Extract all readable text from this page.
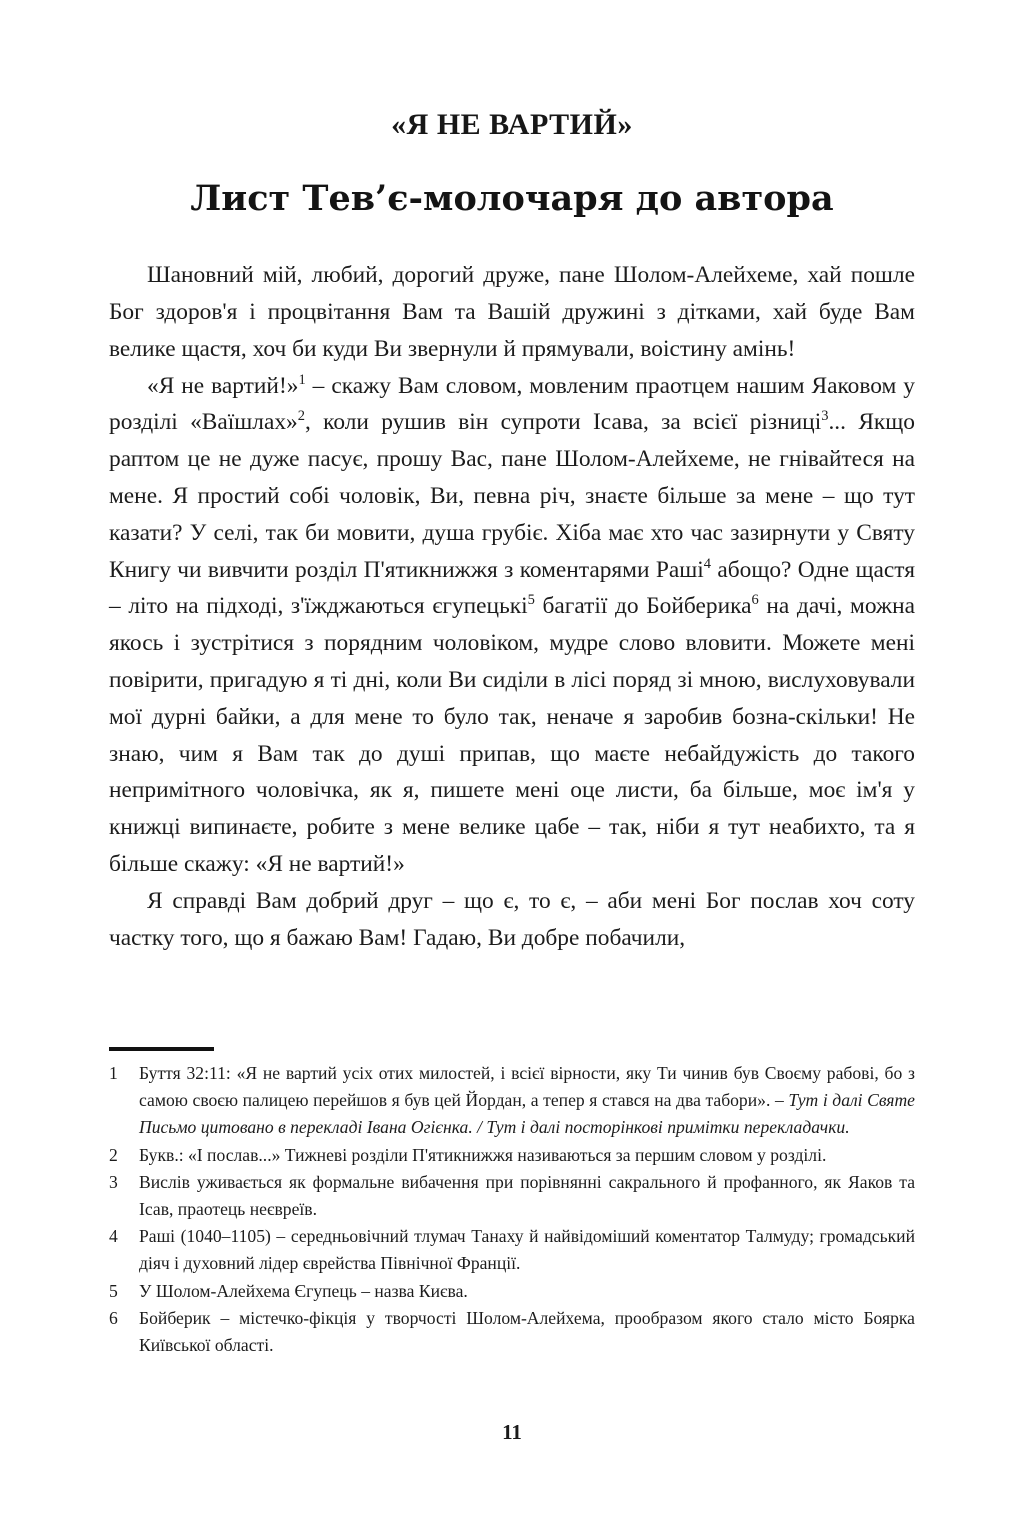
«Я НЕ ВАРТИЙ»
Лист Тев’є-молочаря до автора

Шановний мій, любий, дорогий друже, пане Шолом-Алейхеме, хай пошле Бог здоров'я і процвітання Вам та Вашій дружині з дітками, хай буде Вам велике щастя, хоч би куди Ви звернули й прямували, воістину амінь!

«Я не вартий!»$^1$ – скажу Вам словом, мовленим праотцем нашим Яаковом у розділі «Ваїшлах»$^2$, коли рушив він супроти Ісава, за всієї різниці$^3$... Якщо раптом це не дуже пасує, прошу Вас, пане Шолом-Алейхеме, не гнівайтеся на мене. Я простий собі чоловік, Ви, певна річ, знаєте більше за мене – що тут казати? У селі, так би мовити, душа грубіє. Хіба має хто час зазирнути у Святу Книгу чи вивчити розділ П'ятикнижжя з коментарями Раші$^4$ абощо? Одне щастя – літо на підході, з'їжджаються єгупецькі$^5$ багатії до Бойберика$^6$ на дачі, можна якось і зустрітися з порядним чоловіком, мудре слово вловити. Можете мені повірити, пригадую я ті дні, коли Ви сиділи в лісі поряд зі мною, вислуховували мої дурні байки, а для мене то було так, неначе я заробив бозна-скільки! Не знаю, чим я Вам так до душі припав, що маєте небайдужість до такого непримітного чоловічка, як я, пишете мені оце листи, ба більше, моє ім'я у книжці випинаєте, робите з мене велике цабе – так, ніби я тут неабихто, та я більше скажу: «Я не вартий!»

Я справді Вам добрий друг – що є, то є, – аби мені Бог послав хоч соту частку того, що я бажаю Вам! Гадаю, Ви добре побачили,

1	Буття 32:11: «Я не вартий усіх отих милостей, і всієї вірности, яку Ти чинив був Своєму рабові, бо з самою своєю палицею перейшов я був цей Йордан, а тепер я стався на два табори». – Тут і далі Святе Письмо цитовано в перекладі Івана Огієнка. / Тут і далі посторінкові примітки перекладачки.
2	Букв.: «І послав...» Тижневі розділи П'ятикнижжя називаються за першим словом у розділі.
3	Вислів уживається як формальне вибачення при порівнянні сакрального й профанного, як Яаков та Ісав, праотець неєвреїв.
4	Раші (1040–1105) – середньовічний тлумач Танаху й найвідоміший коментатор Талмуду; громадський діяч і духовний лідер єврейства Північної Франції.
5	У Шолом-Алейхема Єгупець – назва Києва.
6	Бойберик – містечко-фікція у творчості Шолом-Алейхема, прообразом якого стало місто Боярка Київської області.
11
